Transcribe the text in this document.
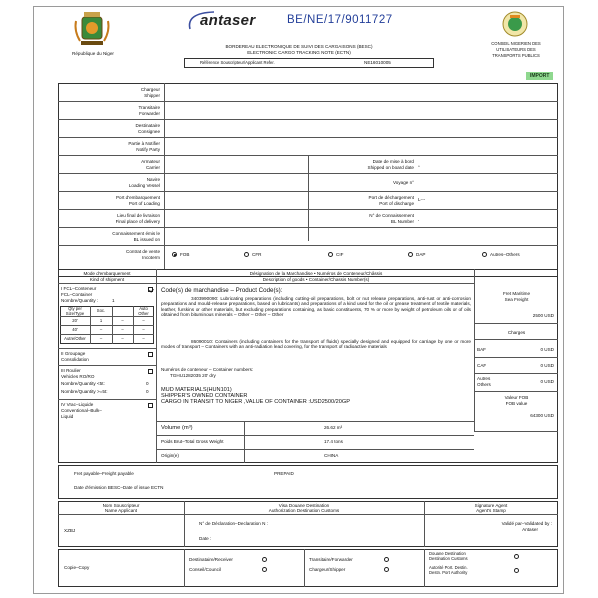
République du Niger
antaser	BE/NE/17/9011727
BORDEREAU ELECTRONIQUE DE SUIVI DES CARGAISONS (BESC)
ELECTRONIC CARGO TRACKING NOTE (ECTN)
Référence Souscripteur/Applicant Refer.	NE16010005
CONSEIL NIGERIEN DES
UTILISATEURS DES
TRANSPORTS PUBLICS
IMPORT
Chargeur
Shipper
Transitaire
Forwarder
Destinataire
Consignee
Partie à Notifier
Notify Party
Armateur
Carrier
Date de mise à bord
Shipped on board date °
Navire
Loading Vessel
Voyage n°
Port d'embarquement
Port of Loading
Port de déchargement
Port of discharge
L---
Lieu final de livraison
Final place of delivery
N° de Connaissement
BL Number '
Connaissement émis le
BL issued on
Contrat de vente
Incoterm
FOB	CFR	CIF	DAP	Autres–Others
Mode d'embarquement
Kind of shipment
Désignation de la Marchandise • Numéros de Conteneur/Châssis
Description of goods • Container/Chassis Number(s)
I FCL–Conteneur
FCL–Container
Nombre/Quantity :	1
Qty per
Size/Type
Soc.	Auto
Other
20'	1	–	–
40'	–	–	–
Autre/Other	–	–	–
II Groupage
Consolidation
III Roulier
Vehicles RO/RO
Nombre/Quantity <5t:	0
Nombre/Quantity >=5t:	0
IV Vrac–Liquide
Conventional–Bulk–
Liquid
Code(s) de marchandise – Product Code(s):
3403990090: Lubricating preparations (including cutting-oil preparations, bolt or nut release preparations, anti-rust or anti-corrosion preparations and mould-release preparations, based on lubricants) and preparations of a kind used for the oil or grease treatment of textile materials, leather, furskins or other materials, but excluding preparations containing, as basic constituents, 70 % or more by weight of petroleum oils or of oils obtained from bituminous minerals – Other – Other – Other
86090010: Containers (including containers for the transport of fluids) specially designed and equipped for carriage by one or more modes of transport – Containers with an anti-radiation lead covering, for the transport of radioactive materials
Numéros de conteneur – Container numbers:
TGHU1282035 20' dry
MUD MATERIALS(HUN101)
SHIPPER'S OWNED CONTAINER
CARGO IN TRANSIT TO NIGER ,VALUE OF CONTAINER :USD2500/20GP
Volume (m³)	26.62 m³
Poids Brut–Total Gross Weight	17.4 tons
Origin(e)	CHINA
Fret Maritime
Sea Freight
2500 USD
Charges
BAF	0 USD
CAF	0 USD
Autres
Others
0 USD
Valeur FOB
FOB value
64300 USD
Fret payable–Freight payable	PREPAID
Date d'émission BESC–Date of issue ECTN
Nom Souscripteur
Name Applicant
XZBJ
Visa Douane Destination
Authorization Destination Customs
N° de Déclaration–Declaration N :
Date :
Signature Agent
Agent's Stamp
Validé par–Validated by :
Antaser
Copie–Copy
Destinataire/Receiver
Conseil/Council
Transitaire/Forwarder
Chargeur/Shipper
Douane Destination
Destination Customs
Autorité Port. Destin.
Destn. Port Authority
